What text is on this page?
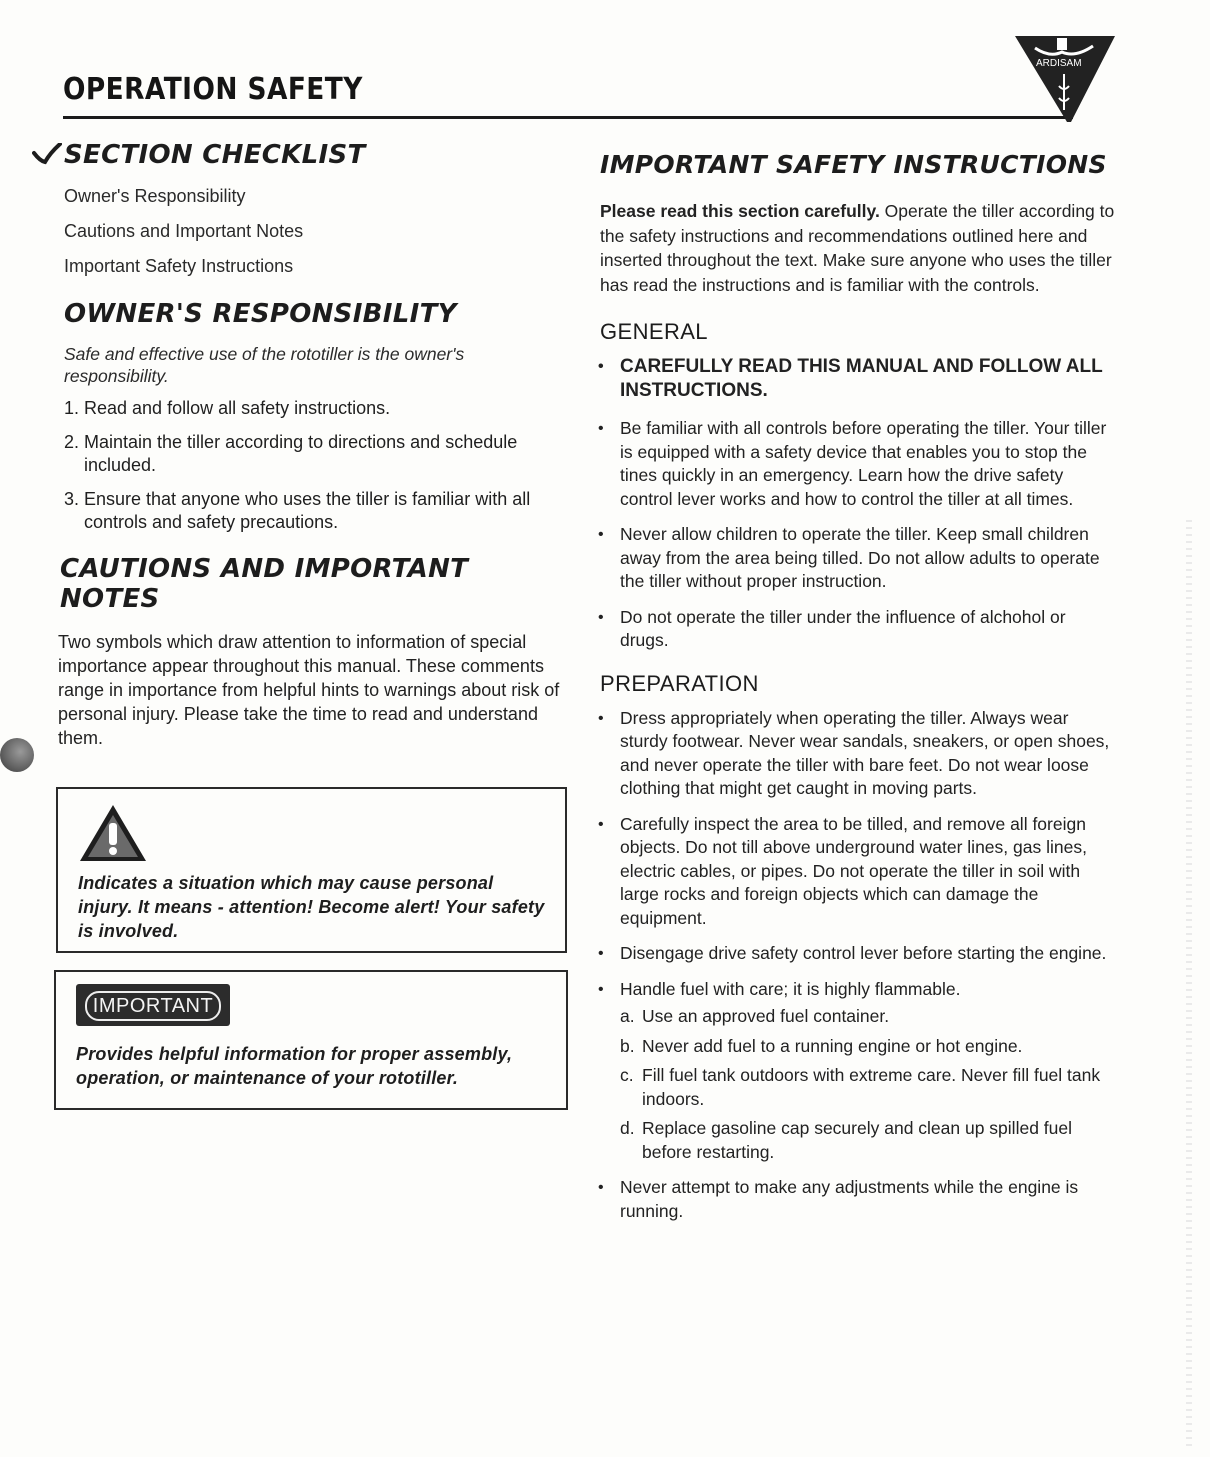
OPERATION SAFETY
ARDISAM
SECTION CHECKLIST
Owner's Responsibility
Cautions and Important Notes
Important Safety Instructions
OWNER'S RESPONSIBILITY

Safe and effective use of the rototiller is the owner's responsibility.

1. Read and follow all safety instructions.
2. Maintain the tiller according to directions and schedule included.
3. Ensure that anyone who uses the tiller is familiar with all controls and safety precautions.
CAUTIONS AND IMPORTANT NOTES

Two symbols which draw attention to information of special importance appear throughout this manual. These comments range in importance from helpful hints to warnings about risk of personal injury. Please take the time to read and understand them.

Indicates a situation which may cause personal injury. It means - attention! Become alert! Your safety is involved.
IMPORTANT
Provides helpful information for proper assembly, operation, or maintenance of your rototiller.
IMPORTANT SAFETY INSTRUCTIONS

Please read this section carefully. Operate the tiller according to the safety instructions and recommendations outlined here and inserted throughout the text. Make sure anyone who uses the tiller has read the instructions and is familiar with the controls.

GENERAL
• CAREFULLY READ THIS MANUAL AND FOLLOW ALL INSTRUCTIONS.
• Be familiar with all controls before operating the tiller. Your tiller is equipped with a safety device that enables you to stop the tines quickly in an emergency. Learn how the drive safety control lever works and how to control the tiller at all times.
• Never allow children to operate the tiller. Keep small children away from the area being tilled. Do not allow adults to operate the tiller without proper instruction.
• Do not operate the tiller under the influence of alchohol or drugs.
PREPARATION
• Dress appropriately when operating the tiller. Always wear sturdy footwear. Never wear sandals, sneakers, or open shoes, and never operate the tiller with bare feet. Do not wear loose clothing that might get caught in moving parts.
• Carefully inspect the area to be tilled, and remove all foreign objects. Do not till above underground water lines, gas lines, electric cables, or pipes. Do not operate the tiller in soil with large rocks and foreign objects which can damage the equipment.
• Disengage drive safety control lever before starting the engine.
• Handle fuel with care; it is highly flammable.
a. Use an approved fuel container.
b. Never add fuel to a running engine or hot engine.
c. Fill fuel tank outdoors with extreme care. Never fill fuel tank indoors.
d. Replace gasoline cap securely and clean up spilled fuel before restarting.
• Never attempt to make any adjustments while the engine is running.
